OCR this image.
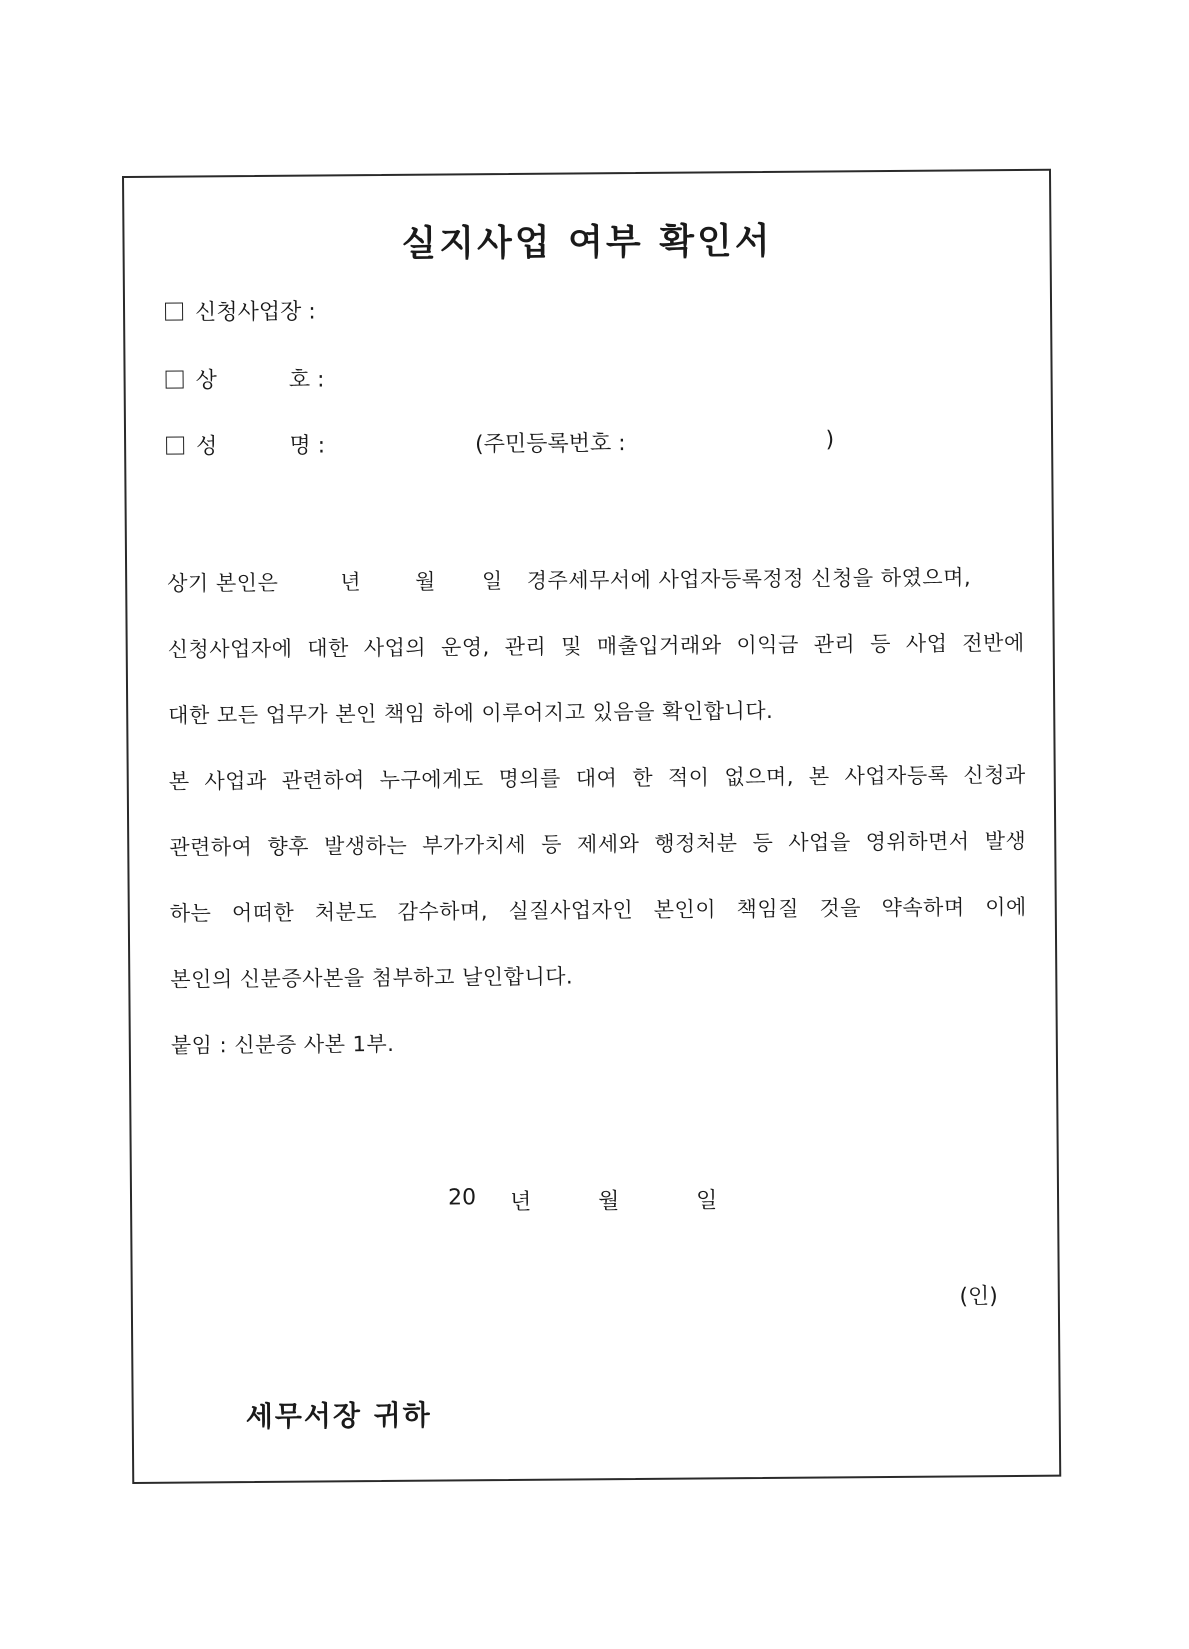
실지사업 여부 확인서
신청사업장 :
상	호 :
성	명 :	(주민등록번호 :	)
상기 본인은	년	월 일 경주세무서에 사업자등록정정 신청을 하였으며,
신청사업자에 대한 사업의 운영, 관리 및 매출입거래와 이익금 관리 등 사업 전반에
대한 모든 업무가 본인 책임 하에 이루어지고 있음을 확인합니다.
본 사업과 관련하여 누구에게도 명의를 대여 한 적이 없으며, 본 사업자등록 신청과
관련하여 향후 발생하는 부가가치세 등 제세와 행정처분 등 사업을 영위하면서 발생
하는 어떠한 처분도 감수하며, 실질사업자인 본인이 책임질 것을 약속하며 이에
본인의 신분증사본을 첨부하고 날인합니다.
붙임 : 신분증 사본 1부.
20 년	월	일
(인)
세무서장 귀하
